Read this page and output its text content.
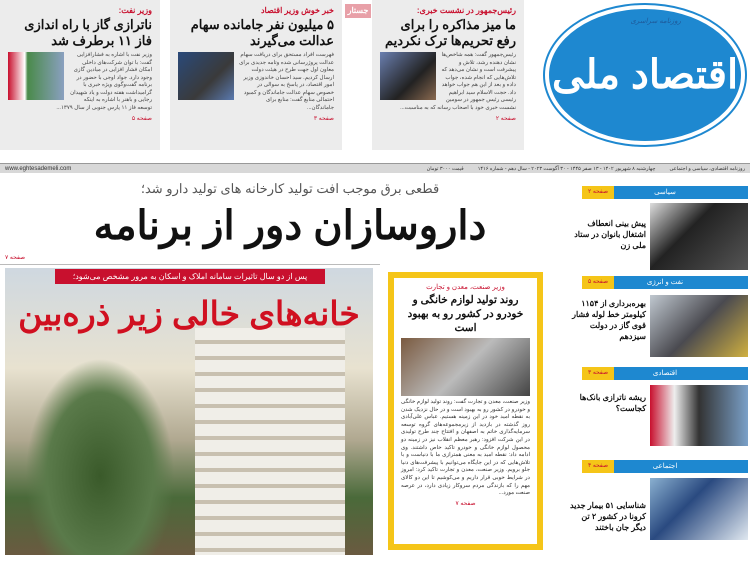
رئیس‌جمهور در نشست خبری:
ما میز مذاکره را برای رفع تحریم‌ها ترک نکردیم
رئیس‌جمهور گفت: همه شاخص‌ها نشان دهنده رشد، تلاش و پیشرفت است و نشان می‌دهد که تلاش‌هایی که انجام شده، جواب داده و بعد از این هم جواب خواهد داد. حجت الاسلام سید ابراهیم رئیسی رئیس جمهور در سومین نشست خبری خود با اصحاب رسانه که به مناسبت...
صفحه ۲
جستار
خبر خوش وزیر اقتصاد
۵ میلیون نفر جامانده سهام عدالت می‌گیرند
فهرست افراد مستحق برای دریافت سهام عدالت پروژرسانی شده وتامه جدیدی برای معاون اول جهت طرح در هیئت دولت ارسال کردیم. سید احسان خاندوزی وزیر امور اقتصاد، در پاسخ به سوالی در خصوص سهام عدالت جاماندگان و کمبود احتمالی منابع گفت: منابع برای جاماندگان...
صفحه ۳
وزیر نفت:
ناترازی گاز با راه اندازی فاز ۱۱ برطرف شد
وزیر نفت با اشاره به فشارافزایی گفت: با توان شرکت‌های داخلی امکان فشار افزایی در میادین گازی وجود دارد. جواد اوجی با حضور در برنامه گفت‌وگوی ویژه خبری با گرامیداشت هفته دولت و یاد شهیدان رجایی و باهنر با اشاره به اینکه توسعه فاز ۱۱ پارس جنوبی از سال ۱۳۷۹...
صفحه ۵
روزنامه سراسری
اقتصاد ملی
روزنامه اقتصادی، سیاسی و اجتماعی
چهارشنبه ۸ شهریور ۱۴۰۲ - ۱۳ صفر ۱۴۴۵ - ۳۰ آگوست ۲۰۲۳ - سال دهم - شماره ۱۴۱۶
قیمت ۳۰۰۰ تومان
www.eghtesademeli.com
قطعی برق موجب افت تولید کارخانه های تولید دارو شد؛
داروسازان دور از برنامه
صفحه ۷
پس از دو سال تاثیرات سامانه املاک و اسکان به مرور مشخص می‌شود؛
خانه‌های خالی زیر ذره‌بین
وزیر صنعت، معدن و تجارت
روند تولید لوازم خانگی و خودرو در کشور رو به بهبود است
وزیر صنعت، معدن و تجارت گفت: روند تولید لوازم خانگی و خودرو در کشور رو به بهبود است و در حال نزدیک شدن به نقطه امید خود در این زمینه هستیم. عباس علی‌آبادی روز گذشته در بازدید از زیرمجموعه‌های گروه توسعه سرمایه‌گذاری خاتم به اصفهان و افتتاح چند طرح تولیدی در این شرکت افزود: رهبر معظم انقلاب نیز در زمینه دو محصول لوازم خانگی و خودرو تاکید خاص داشتند. وی ادامه داد: نقطه امید به معنی همترازی ما با دنیاست و با تلاش‌هایی که در این جایگاه می‌توانیم با پیشرفت‌های دنیا جلو برویم. وزیر صنعت، معدن و تجارت تاکید کرد: امروز در شرایط خوبی قرار داریم و می‌کوشیم تا این دو کالای مهم را که بازندگی مردم سروکار زیادی دارد، در عرصه صنعت مورد...
صفحه ۷
سیاسی
صفحه ۲
پیش بینی انعطاف اشتغال بانوان در ستاد ملی زن
نفت و انرژی
صفحه ۵
بهره‌برداری از ۱۱۵۴ کیلومتر خط لوله فشار قوی گاز در دولت سیزدهم
اقتصادی
صفحه ۳
ریشه ناترازی بانک‌ها کجاست؟
اجتماعی
صفحه ۴
شناسایی ۵۱ بیمار جدید کرونا در کشور ۲ تن دیگر جان باختند
